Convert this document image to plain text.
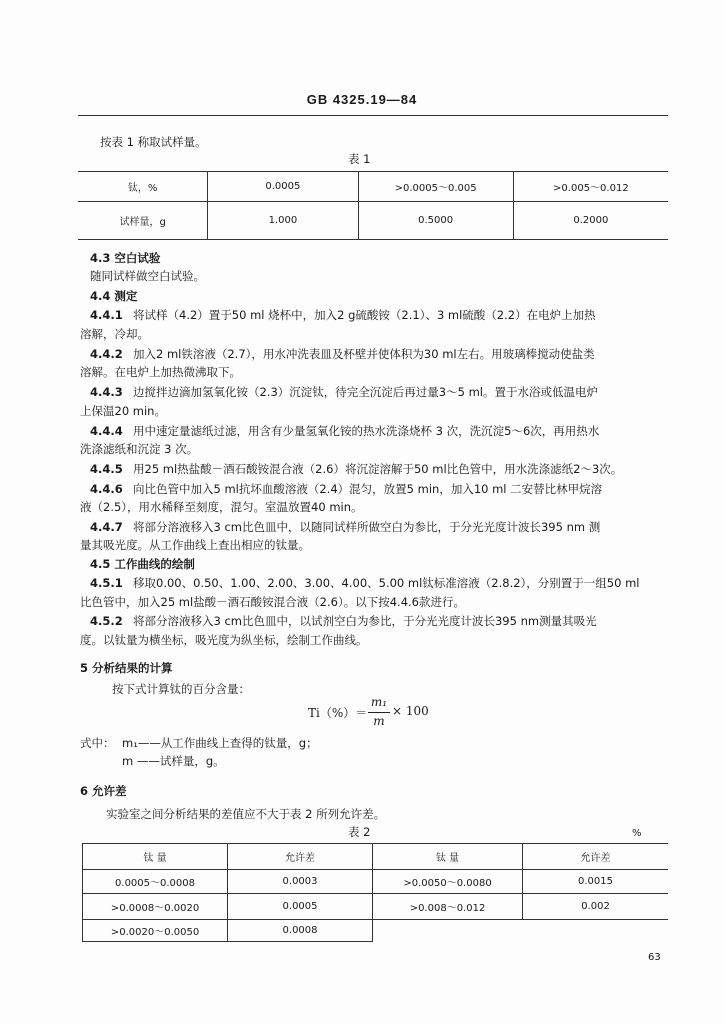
GB 4325.19—84
按表 1 称取试样量。
表 1
钛，%	0.0005	>0.0005～0.005	>0.005～0.012
试样量，g	1.000	0.5000	0.2000
4.3 空白试验
随同试样做空白试验。
4.4 测定
4.4.1 将试样（4.2）置于50 ml 烧杯中，加入2 g硫酸铵（2.1）、3 ml硫酸（2.2）在电炉上加热
溶解，冷却。
4.4.2 加入2 ml铁溶液（2.7），用水冲洗表皿及杯壁并使体积为30 ml左右。用玻璃棒搅动使盐类
溶解。在电炉上加热微沸取下。
4.4.3 边搅拌边滴加氢氧化铵（2.3）沉淀钛，待完全沉淀后再过量3～5 ml。置于水浴或低温电炉
上保温20 min。
4.4.4 用中速定量滤纸过滤，用含有少量氢氧化铵的热水洗涤烧杯 3 次，洗沉淀5～6次，再用热水
洗涤滤纸和沉淀 3 次。
4.4.5 用25 ml热盐酸－酒石酸铵混合液（2.6）将沉淀溶解于50 ml比色管中，用水洗涤滤纸2～3次。
4.4.6 向比色管中加入5 ml抗坏血酸溶液（2.4）混匀，放置5 min，加入10 ml 二安替比林甲烷溶
液（2.5），用水稀释至刻度，混匀。室温放置40 min。
4.4.7 将部分溶液移入3 cm比色皿中，以随同试样所做空白为参比，于分光光度计波长395 nm 测
量其吸光度。从工作曲线上查出相应的钛量。
4.5 工作曲线的绘制
4.5.1 移取0.00、0.50、1.00、2.00、3.00、4.00、5.00 ml钛标准溶液（2.8.2），分别置于一组50 ml
比色管中，加入25 ml盐酸－酒石酸铵混合液（2.6）。以下按4.4.6款进行。
4.5.2 将部分溶液移入3 cm比色皿中，以试剂空白为参比，于分光光度计波长395 nm测量其吸光
度。以钛量为横坐标，吸光度为纵坐标，绘制工作曲线。
5 分析结果的计算
按下式计算钛的百分含量：
Ti（%）＝
m₁
m
× 100
式中： m₁——从工作曲线上查得的钛量，g；
m ——试样量，g。
6 允许差
实验室之间分析结果的差值应不大于表 2 所列允许差。
表 2	%
钛 量	允许差	钛 量	允许差
0.0005～0.0008	0.0003	>0.0050～0.0080	0.0015
>0.0008～0.0020	0.0005	>0.008～0.012	0.002
>0.0020～0.0050	0.0008		
63
